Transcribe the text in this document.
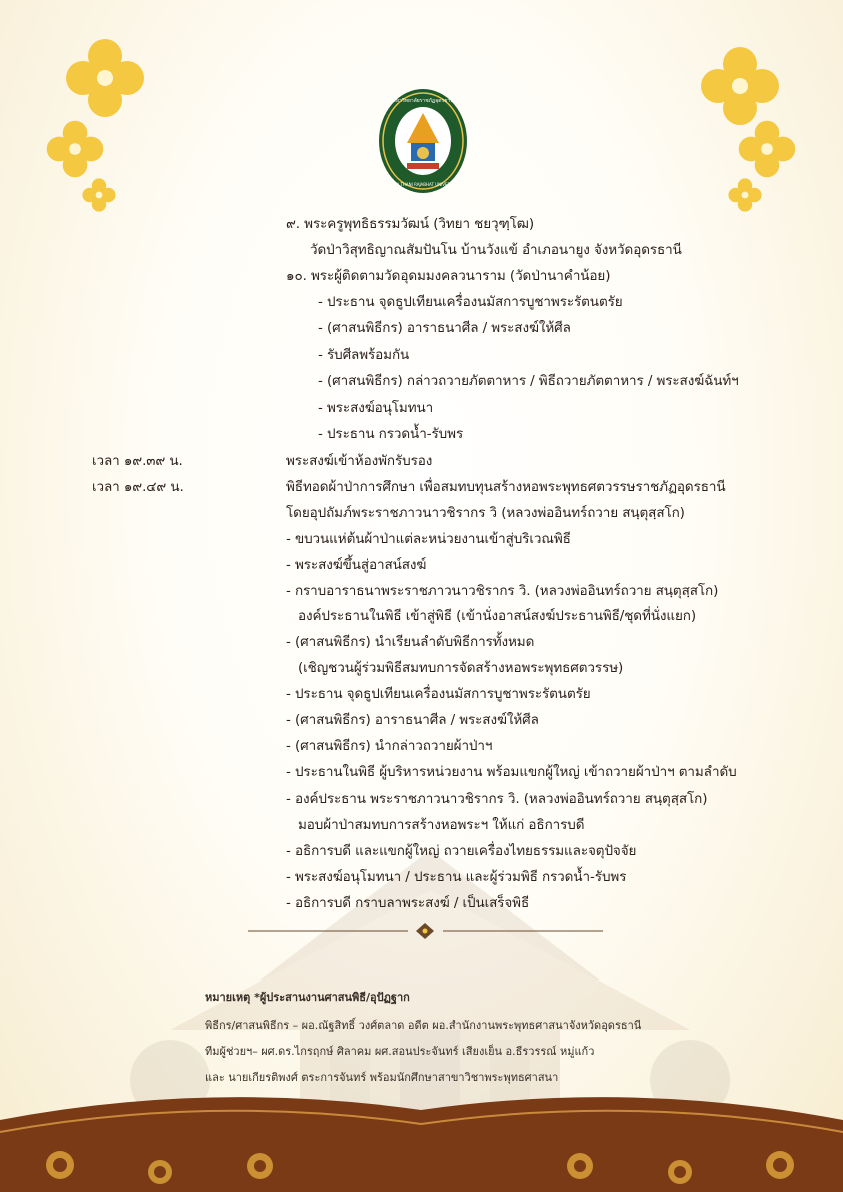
มหาวิทยาลัยราชภัฏอุดรธานี
UDON THANI RAJABHAT UNIVERSITY
๙. พระครูพุทธิธรรมวัฒน์ (วิทยา ชยวุฑฺโฒ)
วัดป่าวิสุทธิญาณสัมปันโน บ้านวังแข้ อำเภอนายูง จังหวัดอุดรธานี
๑๐. พระผู้ติดตามวัดอุดมมงคลวนาราม (วัดป่านาคำน้อย)
- ประธาน จุดธูปเทียนเครื่องนมัสการบูชาพระรัตนตรัย
- (ศาสนพิธีกร) อาราธนาศีล / พระสงฆ์ให้ศีล
- รับศีลพร้อมกัน
- (ศาสนพิธีกร) กล่าวถวายภัตตาหาร / พิธีถวายภัตตาหาร / พระสงฆ์ฉันท์ฯ
- พระสงฆ์อนุโมทนา
- ประธาน กรวดน้ำ-รับพร
เวลา ๑๙.๓๙ น.	พระสงฆ์เข้าห้องพักรับรอง
เวลา ๑๙.๔๙ น.	พิธีทอดผ้าป่าการศึกษา เพื่อสมทบทุนสร้างหอพระพุทธศตวรรษราชภัฏอุดรธานี
โดยอุปถัมภ์พระราชภาวนาวชิรากร วิ (หลวงพ่ออินทร์ถวาย สนฺตุสฺสโก)
- ขบวนแห่ต้นผ้าป่าแต่ละหน่วยงานเข้าสู่บริเวณพิธี
- พระสงฆ์ขึ้นสู่อาสน์สงฆ์
- กราบอาราธนาพระราชภาวนาวชิรากร วิ. (หลวงพ่ออินทร์ถวาย สนฺตุสฺสโก)
องค์ประธานในพิธี เข้าสู่พิธี (เข้านั่งอาสน์สงฆ์ประธานพิธี/ชุดที่นั่งแยก)
- (ศาสนพิธีกร) นำเรียนลำดับพิธีการทั้งหมด
(เชิญชวนผู้ร่วมพิธีสมทบการจัดสร้างหอพระพุทธศตวรรษ)
- ประธาน จุดธูปเทียนเครื่องนมัสการบูชาพระรัตนตรัย
- (ศาสนพิธีกร) อาราธนาศีล / พระสงฆ์ให้ศีล
- (ศาสนพิธีกร) นำกล่าวถวายผ้าป่าฯ
- ประธานในพิธี ผู้บริหารหน่วยงาน พร้อมแขกผู้ใหญ่ เข้าถวายผ้าป่าฯ ตามลำดับ
- องค์ประธาน พระราชภาวนาวชิรากร วิ. (หลวงพ่ออินทร์ถวาย สนฺตุสฺสโก)
มอบผ้าป่าสมทบการสร้างหอพระฯ ให้แก่ อธิการบดี
- อธิการบดี และแขกผู้ใหญ่ ถวายเครื่องไทยธรรมและจตุปัจจัย
- พระสงฆ์อนุโมทนา / ประธาน และผู้ร่วมพิธี กรวดน้ำ-รับพร
- อธิการบดี กราบลาพระสงฆ์ / เป็นเสร็จพิธี
หมายเหตุ *ผู้ประสานงานศาสนพิธี/อุปัฏฐาก
พิธีกร/ศาสนพิธีกร – ผอ.ณัฐสิทธิ์ วงศ์ตลาด อดีต ผอ.สำนักงานพระพุทธศาสนาจังหวัดอุดรธานี
ทีมผู้ช่วยฯ– ผศ.ดร.ไกรฤกษ์ ศิลาคม ผศ.สอนประจันทร์ เสียงเย็น อ.ธีรวรรณ์ หมู่แก้ว
และ นายเกียรติพงศ์ ตระการจันทร์ พร้อมนักศึกษาสาขาวิชาพระพุทธศาสนา
